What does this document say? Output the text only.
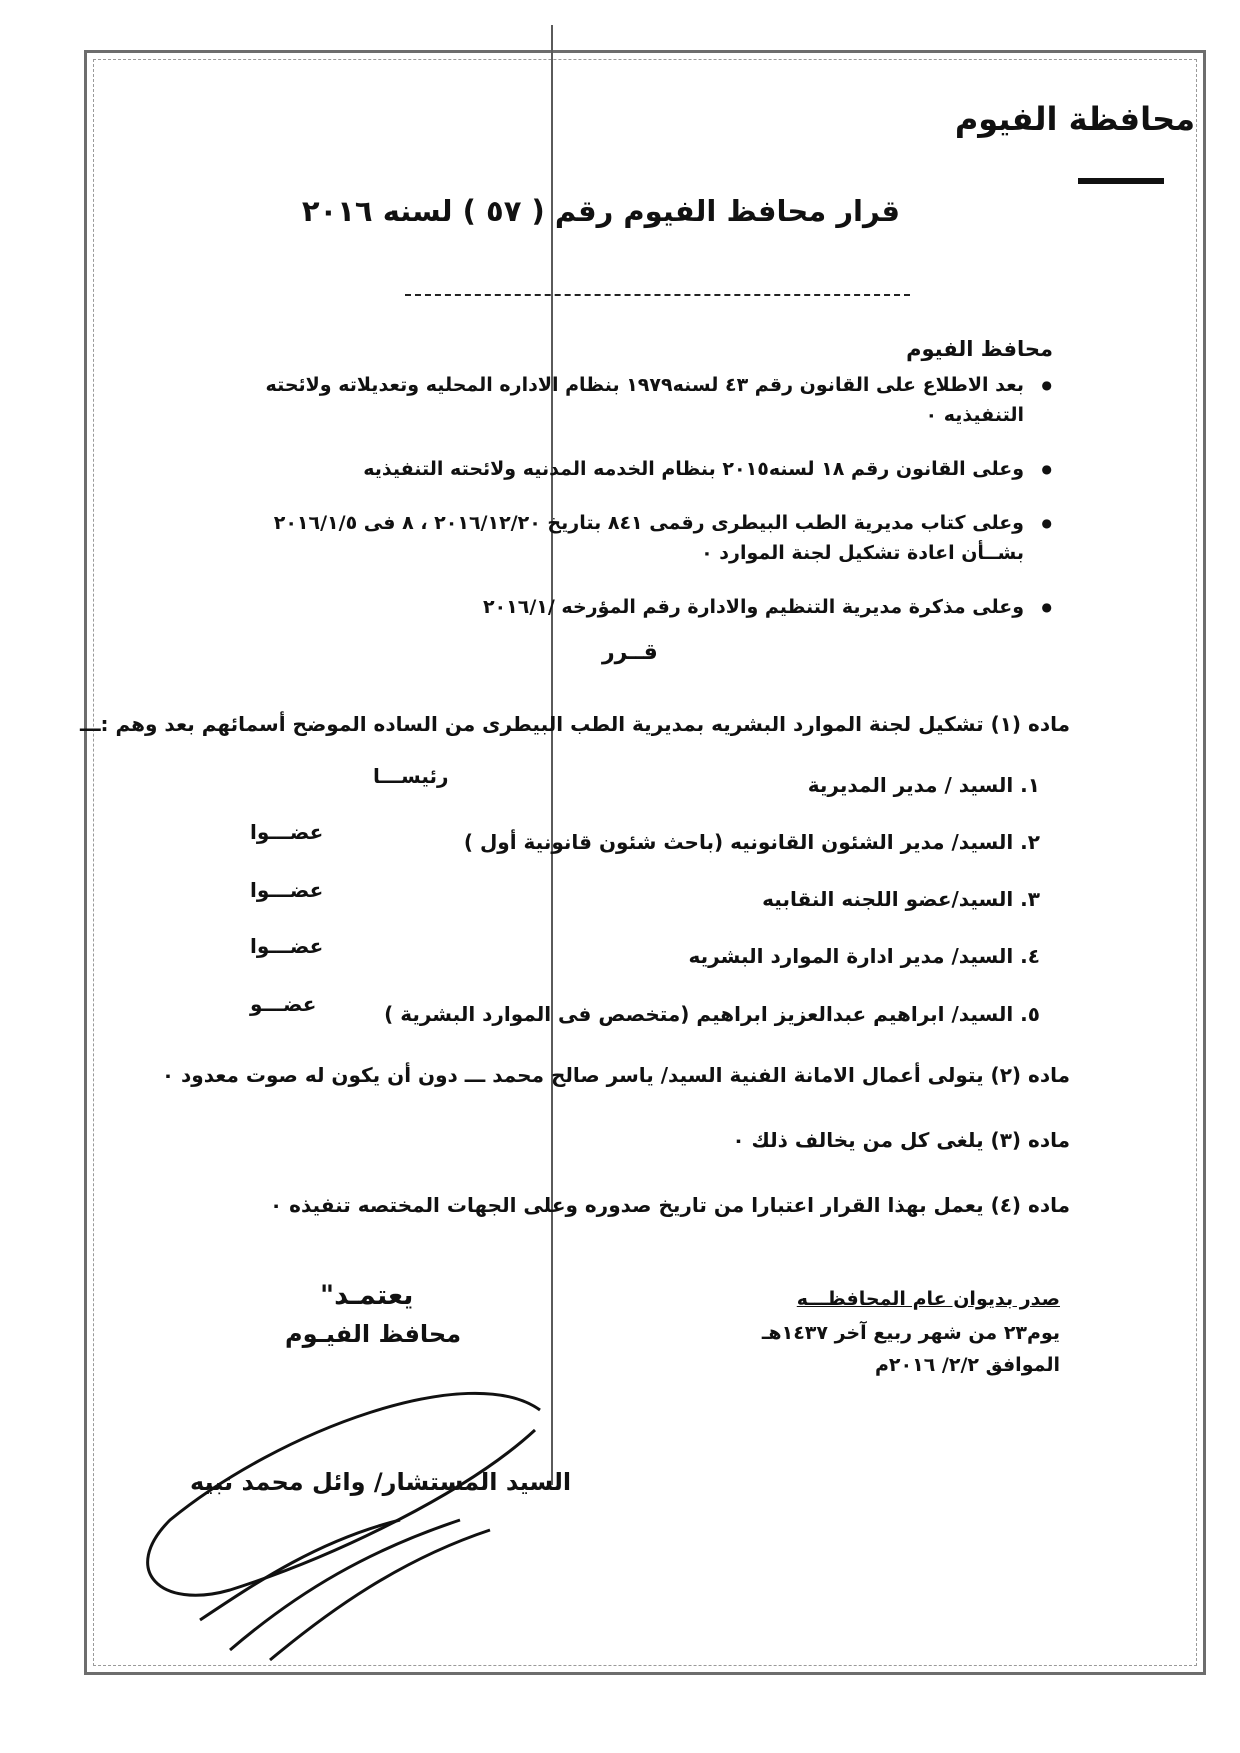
محافظة الفيوم
قرار محافظ الفيوم رقم ( ٥٧ ) لسنه ٢٠١٦
محافظ الفيوم
● بعد الاطلاع على القانون رقم ٤٣ لسنه١٩٧٩ بنظام الاداره المحليه وتعديلاته ولائحته التنفيذيه ٠
● وعلى القانون رقم ١٨ لسنه٢٠١٥ بنظام الخدمه المدنيه ولائحته التنفيذيه
● وعلى كتاب مديرية الطب البيطرى رقمى ٨٤١ بتاريخ ٢٠١٦/١٢/٢٠ ، ٨ فى ٢٠١٦/١/٥ بشــأن اعادة تشكيل لجنة الموارد ٠
● وعلى مذكرة مديرية التنظيم والادارة رقم المؤرخه /٢٠١٦/١
قــرر
ماده (١) تشكيل لجنة الموارد البشريه بمديرية الطب البيطرى من الساده الموضح أسمائهم بعد وهم :ـــ
١. السيد / مدير المديرية
رئيســـا
٢. السيد/ مدير الشئون القانونيه (باحث شئون قانونية أول )
عضـــوا
٣. السيد/عضو اللجنه النقابيه
عضـــوا
٤. السيد/ مدير ادارة الموارد البشريه
عضـــوا
٥. السيد/ ابراهيم عبدالعزيز ابراهيم (متخصص فى الموارد البشرية )
عضـــو
ماده (٢) يتولى أعمال الامانة الفنية السيد/ ياسر صالح محمد ـــ دون أن يكون له صوت معدود ٠
ماده (٣) يلغى كل من يخالف ذلك ٠
ماده (٤) يعمل بهذا القرار اعتبارا من تاريخ صدوره وعلى الجهات المختصه تنفيذه ٠
صدر بديوان عام المحافظـــه
يوم٢٣ من شهر ربيع آخر ١٤٣٧هـ
الموافق ٢/٢/ ٢٠١٦م
يعتمـد"
محافظ الفيـوم
السيد المستشار/ وائل محمد نبيه
